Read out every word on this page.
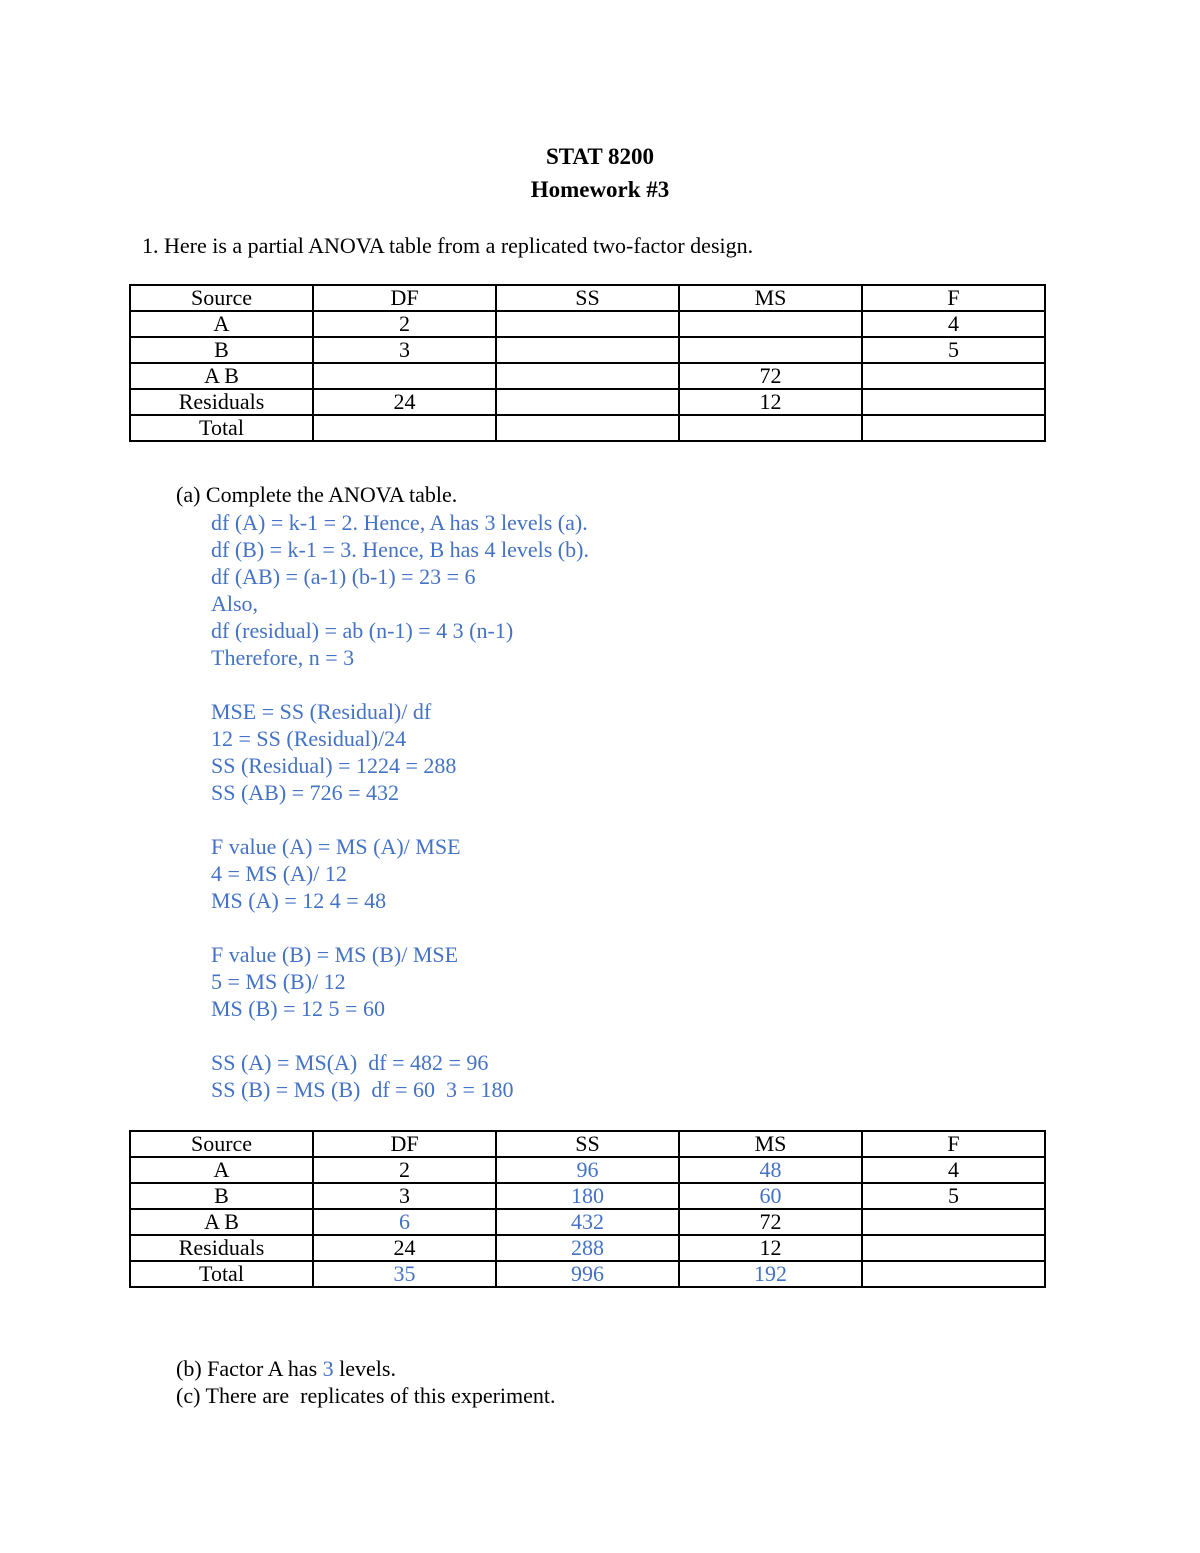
STAT 8200
Homework #3
1. Here is a partial ANOVA table from a replicated two-factor design.
Source	DF	SS	MS	F
A	2			4
B	3			5
A B			72	
Residuals	24		12	
Total				
(a) Complete the ANOVA table.
df (A) = k-1 = 2. Hence, A has 3 levels (a).
df (B) = k-1 = 3. Hence, B has 4 levels (b).
df (AB) = (a-1) (b-1) = 23 = 6
Also,
df (residual) = ab (n-1) = 4 3 (n-1)
Therefore, n = 3
MSE = SS (Residual)/ df
12 = SS (Residual)/24
SS (Residual) = 1224 = 288
SS (AB) = 726 = 432
F value (A) = MS (A)/ MSE
4 = MS (A)/ 12
MS (A) = 12 4 = 48
F value (B) = MS (B)/ MSE
5 = MS (B)/ 12
MS (B) = 12 5 = 60
SS (A) = MS(A)  df = 482 = 96
SS (B) = MS (B)  df = 60  3 = 180
Source	DF	SS	MS	F
A	2	96	48	4
B	3	180	60	5
A B	6	432	72	
Residuals	24	288	12	
Total	35	996	192	
(b) Factor A has 3 levels.
(c) There are  replicates of this experiment.
